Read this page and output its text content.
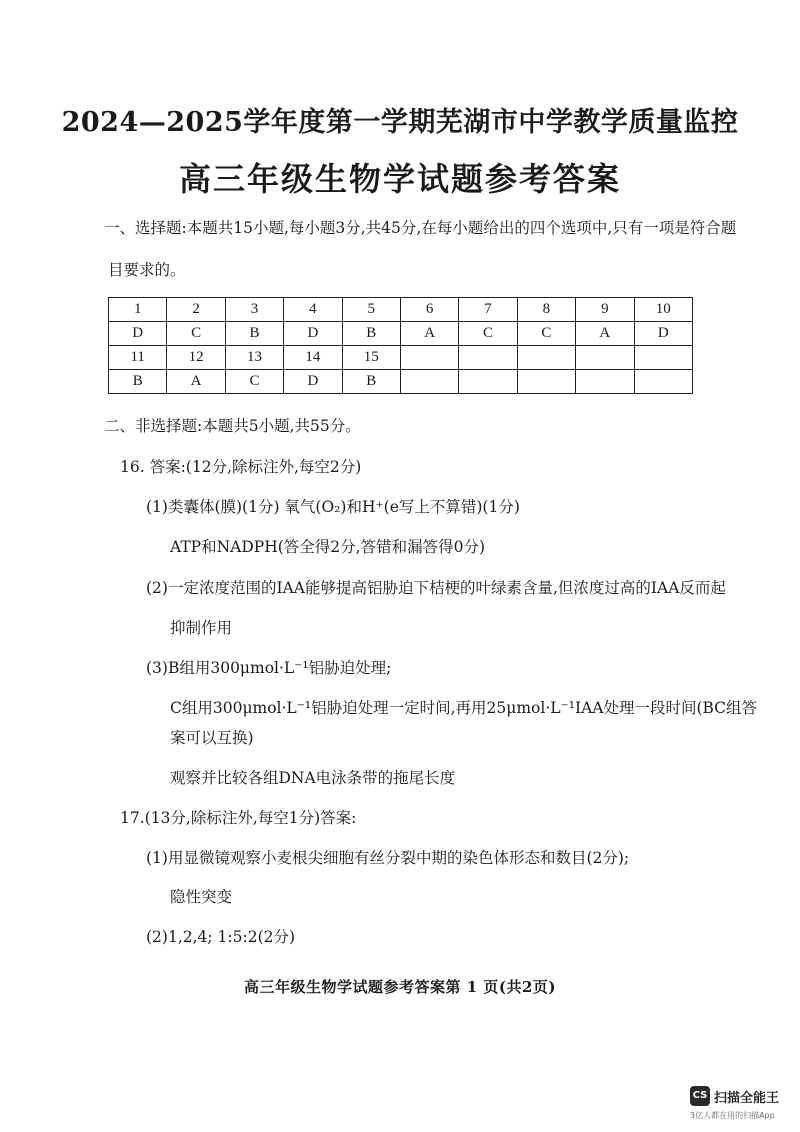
2024—2025学年度第一学期芜湖市中学教学质量监控
高三年级生物学试题参考答案
一、选择题:本题共15小题,每小题3分,共45分,在每小题给出的四个选项中,只有一项是符合题
目要求的。
1	2	3	4	5	6	7	8	9	10
D	C	B	D	B	A	C	C	A	D
11	12	13	14	15					
B	A	C	D	B					
二、非选择题:本题共5小题,共55分。
16. 答案:(12分,除标注外,每空2分)
(1)类囊体(膜)(1分) 氧气(O₂)和H⁺(e写上不算错)(1分)
ATP和NADPH(答全得2分,答错和漏答得0分)
(2)一定浓度范围的IAA能够提高铝胁迫下桔梗的叶绿素含量,但浓度过高的IAA反而起
抑制作用
(3)B组用300μmol·L⁻¹铝胁迫处理;
C组用300μmol·L⁻¹铝胁迫处理一定时间,再用25μmol·L⁻¹IAA处理一段时间(BC组答
案可以互换)
观察并比较各组DNA电泳条带的拖尾长度
17.(13分,除标注外,每空1分)答案:
(1)用显微镜观察小麦根尖细胞有丝分裂中期的染色体形态和数目(2分);
隐性突变
(2)1,2,4; 1:5:2(2分)
高三年级生物学试题参考答案第 1 页(共2页)
CS 扫描全能王
3亿人都在用的扫描App
